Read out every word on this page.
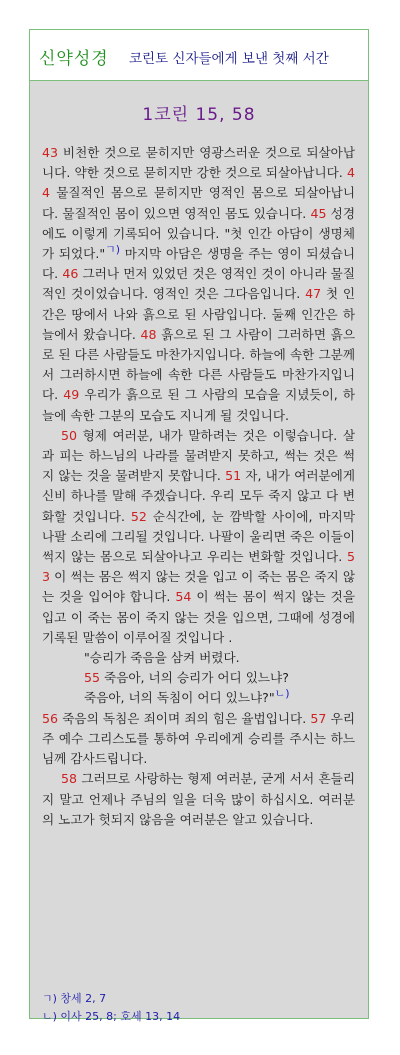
신약성경 코린토 신자들에게 보낸 첫째 서간
1코린 15, 58

43 비천한 것으로 묻히지만 영광스러운 것으로 되살아납니다. 약한 것으로 묻히지만 강한 것으로 되살아납니다. 44 물질적인 몸으로 묻히지만 영적인 몸으로 되살아납니다. 물질적인 몸이 있으면 영적인 몸도 있습니다. 45 성경에도 이렇게 기록되어 있습니다. "첫 인간 아담이 생명체가 되었다."ㄱ) 마지막 아담은 생명을 주는 영이 되셨습니다. 46 그러나 먼저 있었던 것은 영적인 것이 아니라 물질적인 것이었습니다. 영적인 것은 그다음입니다. 47 첫 인간은 땅에서 나와 흙으로 된 사람입니다. 둘째 인간은 하늘에서 왔습니다. 48 흙으로 된 그 사람이 그러하면 흙으로 된 다른 사람들도 마찬가지입니다. 하늘에 속한 그분께서 그러하시면 하늘에 속한 다른 사람들도 마찬가지입니다. 49 우리가 흙으로 된 그 사람의 모습을 지녔듯이, 하늘에 속한 그분의 모습도 지니게 될 것입니다.

50 형제 여러분, 내가 말하려는 것은 이렇습니다. 살과 피는 하느님의 나라를 물려받지 못하고, 썩는 것은 썩지 않는 것을 물려받지 못합니다. 51 자, 내가 여러분에게 신비 하나를 말해 주겠습니다. 우리 모두 죽지 않고 다 변화할 것입니다. 52 순식간에, 눈 깜박할 사이에, 마지막 나팔 소리에 그리될 것입니다. 나팔이 울리면 죽은 이들이 썩지 않는 몸으로 되살아나고 우리는 변화할 것입니다. 53 이 썩는 몸은 썩지 않는 것을 입고 이 죽는 몸은 죽지 않는 것을 입어야 합니다. 54 이 썩는 몸이 썩지 않는 것을 입고 이 죽는 몸이 죽지 않는 것을 입으면, 그때에 성경에 기록된 말씀이 이루어질 것입니다 .

"승리가 죽음을 삼켜 버렸다.

55 죽음아, 너의 승리가 어디 있느냐?

죽음아, 너의 독침이 어디 있느냐?"ㄴ)

56 죽음의 독침은 죄이며 죄의 힘은 율법입니다. 57 우리 주 예수 그리스도를 통하여 우리에게 승리를 주시는 하느님께 감사드립니다.

58 그러므로 사랑하는 형제 여러분, 굳게 서서 흔들리지 말고 언제나 주님의 일을 더욱 많이 하십시오. 여러분의 노고가 헛되지 않음을 여러분은 알고 있습니다.

ㄱ) 창세 2, 7
ㄴ) 이사 25, 8; 호세 13, 14
